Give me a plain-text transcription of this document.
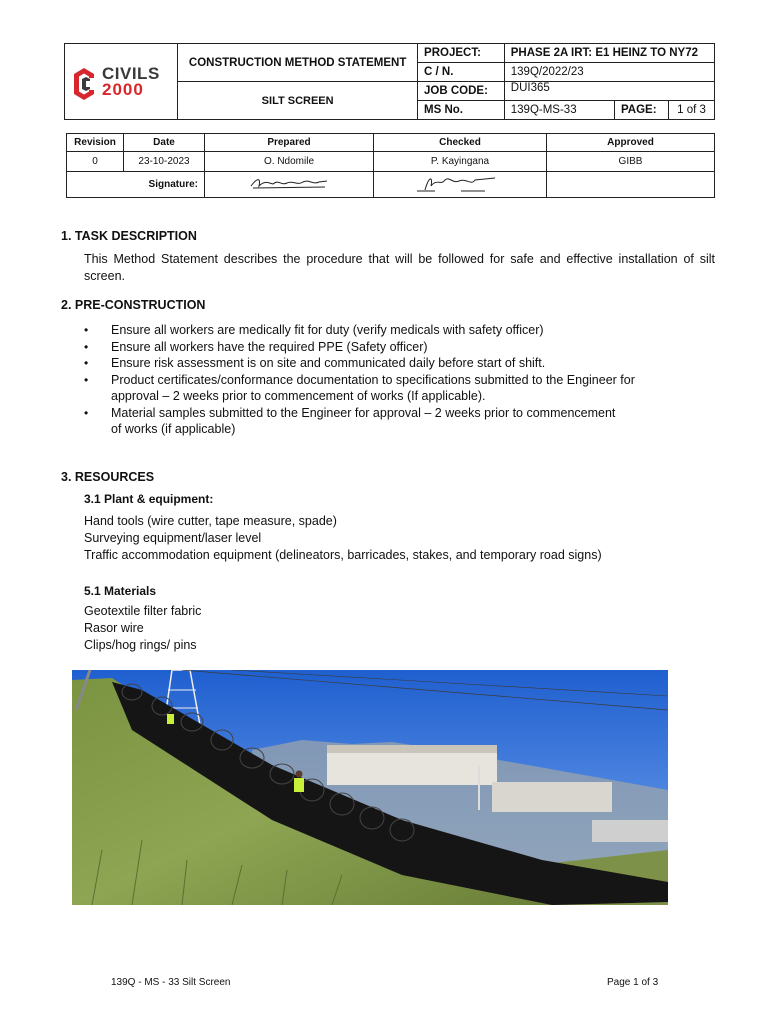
CIVILS
2000	CONSTRUCTION METHOD STATEMENT	PROJECT:	PHASE 2A IRT: E1 HEINZ TO NY72		
		C / N.	139Q/2022/23		
	SILT SCREEN	JOB CODE:	DUI365		
		MS No.	139Q-MS-33	PAGE:	1 of 3
Revision	Date	Prepared	Checked	Approved
0	23-10-2023	O. Ndomile	P. Kayingana	GIBB
Signature:			
1. TASK DESCRIPTION
This Method Statement describes the procedure that will be followed for safe and effective installation of silt screen.
2. PRE-CONSTRUCTION
• Ensure all workers are medically fit for duty (verify medicals with safety officer)
• Ensure all workers have the required PPE (Safety officer)
• Ensure risk assessment is on site and communicated daily before start of shift.
• Product certificates/conformance documentation to specifications submitted to the Engineer for approval – 2 weeks prior to commencement of works (If applicable).
• Material samples submitted to the Engineer for approval – 2 weeks prior to commencement of works (if applicable)
3. RESOURCES
3.1 Plant & equipment:
Hand tools (wire cutter, tape measure, spade)
Surveying equipment/laser level
Traffic accommodation equipment (delineators, barricades, stakes, and temporary road signs)
5.1 Materials
Geotextile filter fabric
Rasor wire
Clips/hog rings/ pins
139Q - MS - 33 Silt Screen	Page 1 of 3
